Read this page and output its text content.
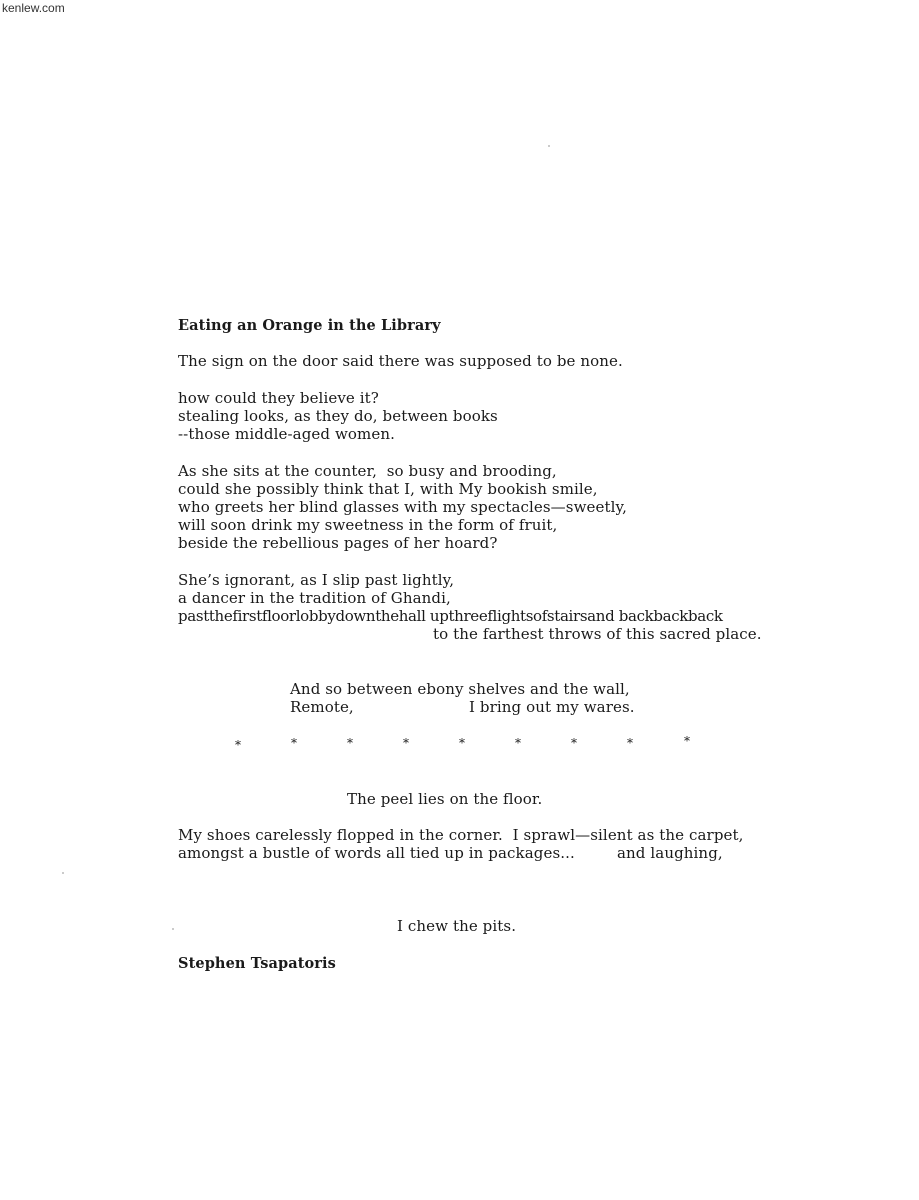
kenlew.com
Eating an Orange in the Library
The sign on the door said there was supposed to be none.
how could they believe it?
stealing looks, as they do, between books
--those middle-aged women.
As she sits at the counter,  so busy and brooding,
could she possibly think that I, with My bookish smile,
who greets her blind glasses with my spectacles—sweetly,
will soon drink my sweetness in the form of fruit,
beside the rebellious pages of her hoard?
She’s ignorant, as I slip past lightly,
a dancer in the tradition of Ghandi,
pastthefirstfloorlobbydownthehall upthreeflightsofstairsand backbackback
to the farthest throws of this sacred place.
And so between ebony shelves and the wall,
Remote,	I bring out my wares.
*	*	*	*	*	*	*	*	*
The peel lies on the floor.
My shoes carelessly flopped in the corner.  I sprawl—silent as the carpet,
amongst a bustle of words all tied up in packages...	and laughing,
I chew the pits.
Stephen Tsapatoris
